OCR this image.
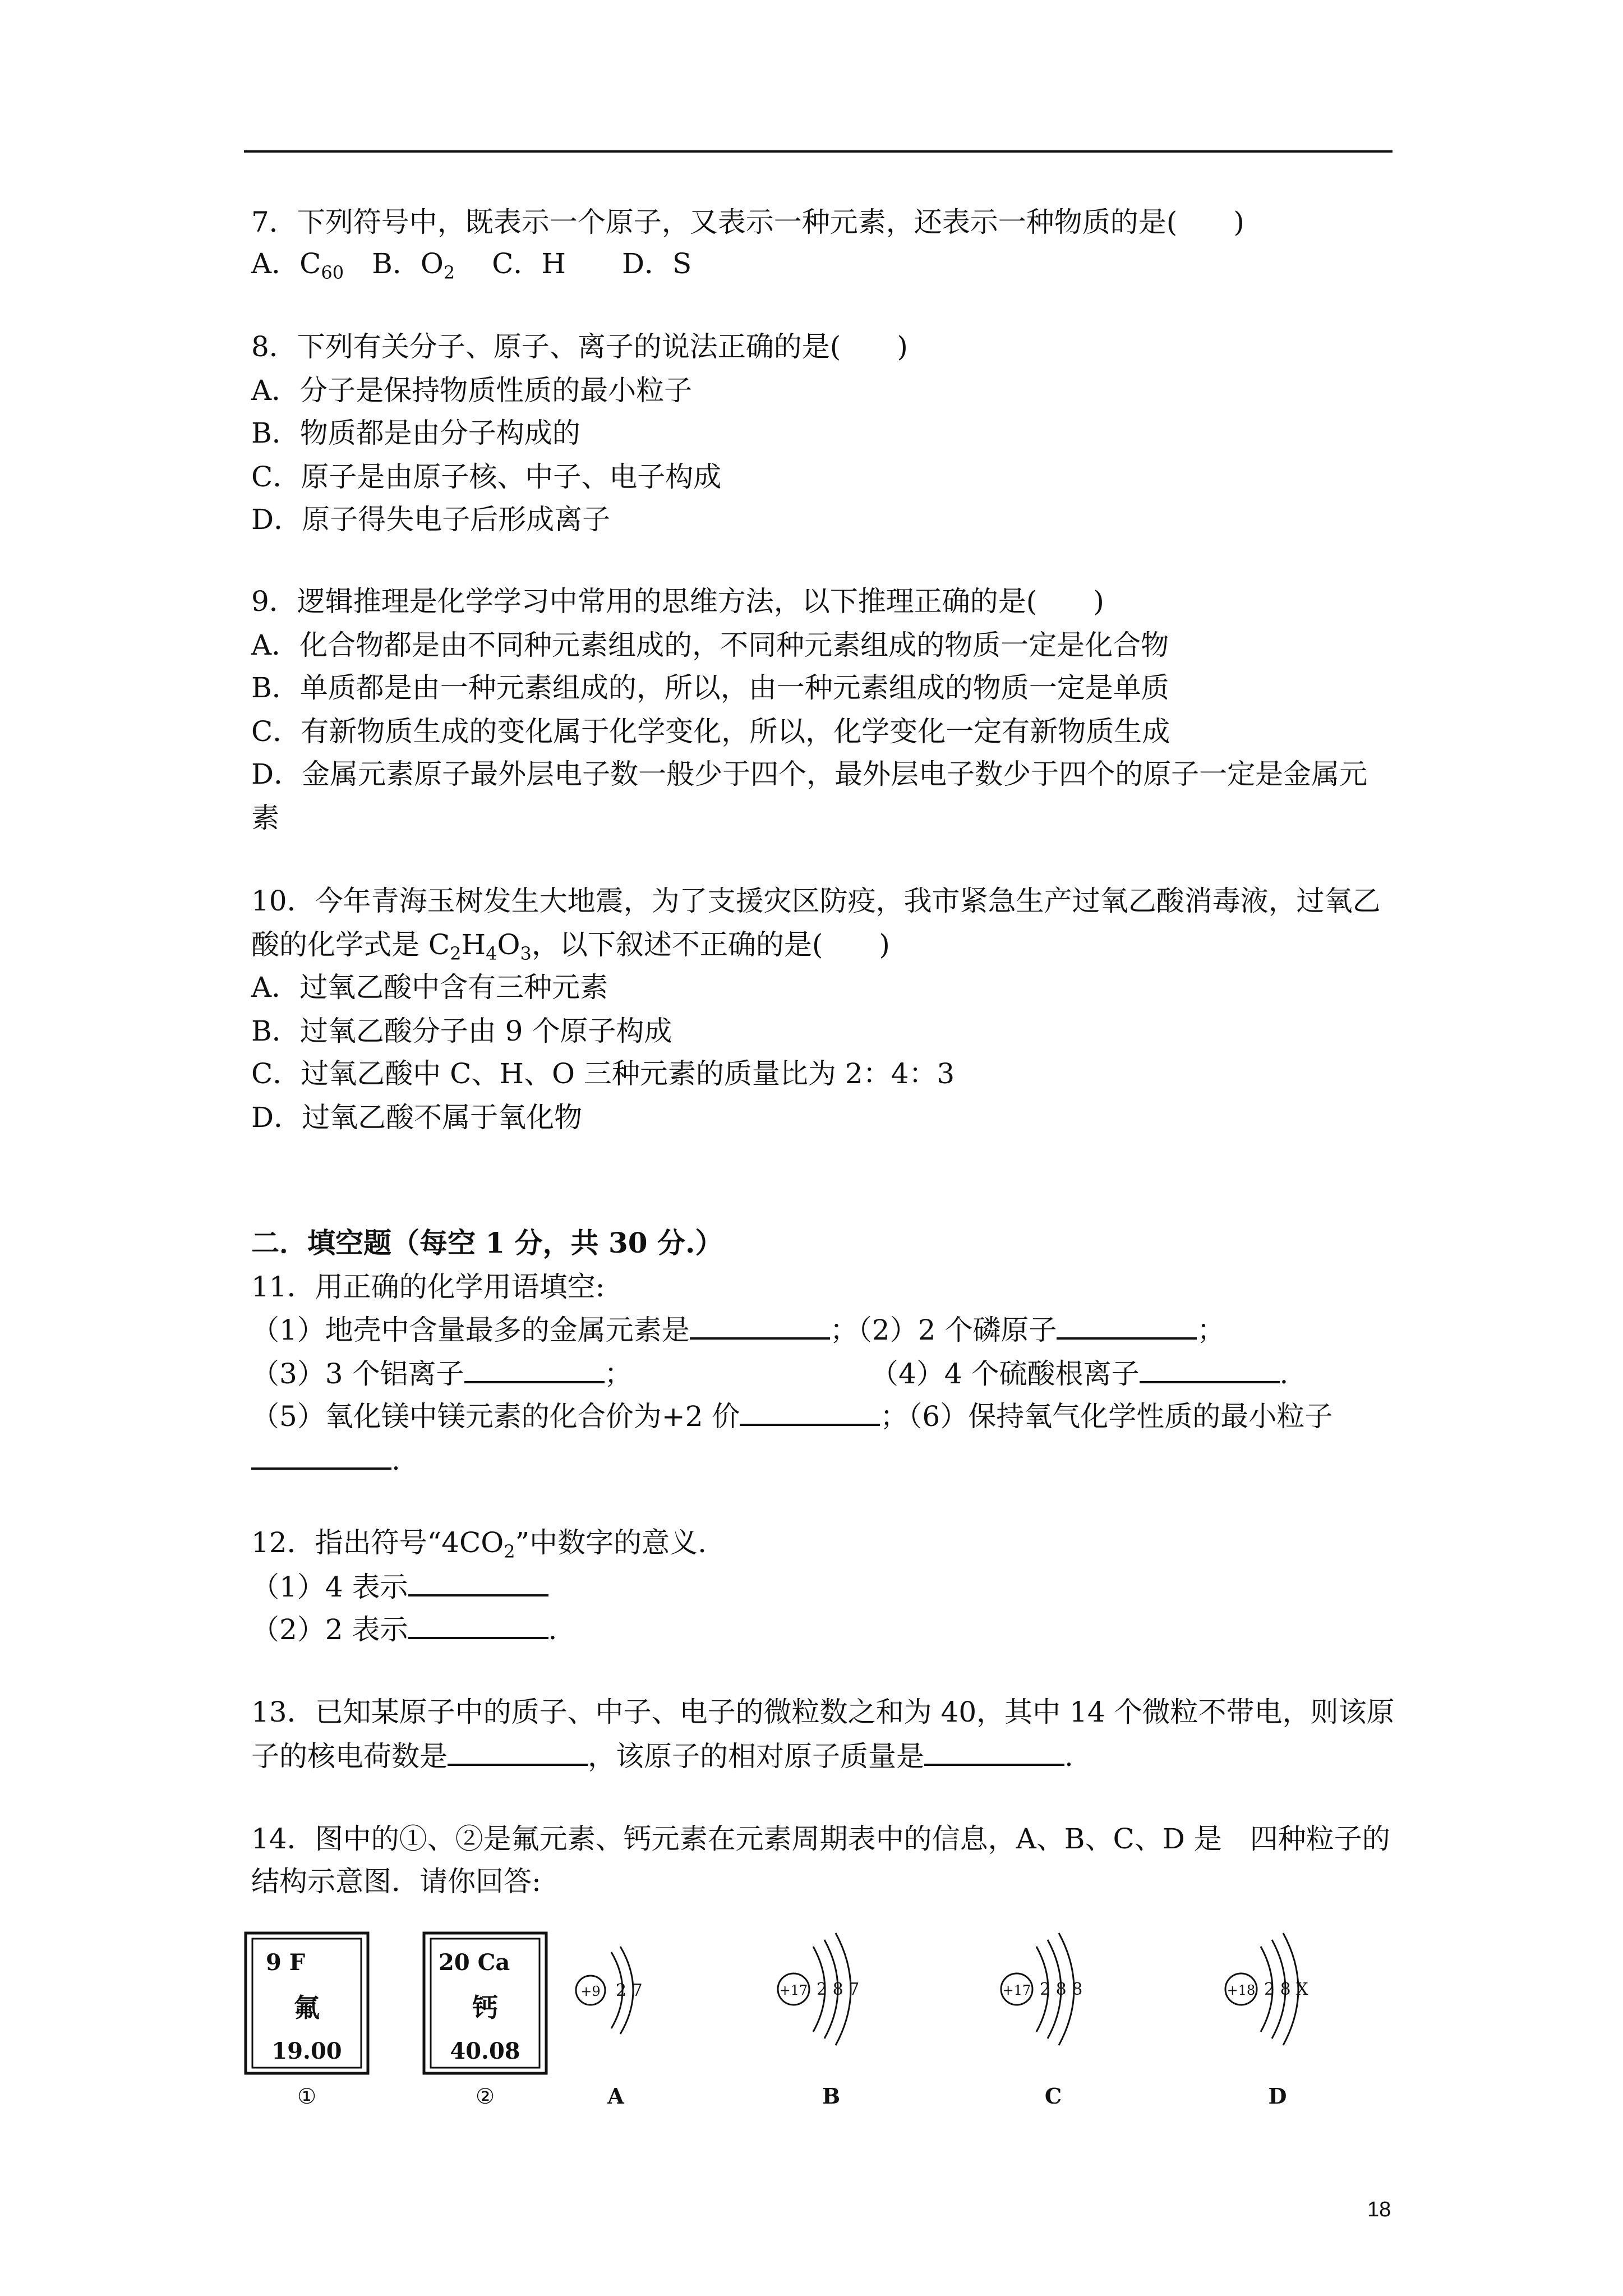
7．下列符号中，既表示一个原子，又表示一种元素，还表示一种物质的是(　　)
A．$C_{60}$　B．$O_2$　 C．H　　D．S
8．下列有关分子、原子、离子的说法正确的是(　　)
A．分子是保持物质性质的最小粒子
B．物质都是由分子构成的
C．原子是由原子核、中子、电子构成
D．原子得失电子后形成离子
9．逻辑推理是化学学习中常用的思维方法，以下推理正确的是(　　)
A．化合物都是由不同种元素组成的，不同种元素组成的物质一定是化合物
B．单质都是由一种元素组成的，所以，由一种元素组成的物质一定是单质
C．有新物质生成的变化属于化学变化，所以，化学变化一定有新物质生成
D．金属元素原子最外层电子数一般少于四个，最外层电子数少于四个的原子一定是金属元
素
10．今年青海玉树发生大地震，为了支援灾区防疫，我市紧急生产过氧乙酸消毒液，过氧乙
酸的化学式是 $C_2H_4O_3$，以下叙述不正确的是(　　)
A．过氧乙酸中含有三种元素
B．过氧乙酸分子由 9 个原子构成
C．过氧乙酸中 C、H、O 三种元素的质量比为 2：4：3
D．过氧乙酸不属于氧化物
二．填空题（每空 1 分，共 30 分.）
11．用正确的化学用语填空:
（1）地壳中含量最多的金属元素是	；（2）2 个磷原子	；
（3）3 个铝离子	；	（4）4 个硫酸根离子	.
（5）氧化镁中镁元素的化合价为+2 价	；（6）保持氧气化学性质的最小粒子
.
12．指出符号“$4CO_2$”中数字的意义.
（1）4 表示
（2）2 表示	.
13．已知某原子中的质子、中子、电子的微粒数之和为 40，其中 14 个微粒不带电，则该原
子的核电荷数是	，该原子的相对原子质量是	.
14．图中的①、②是氟元素、钙元素在元素周期表中的信息，A、B、C、D 是　四种粒子的
结构示意图．请你回答:
9 F
氟
19.00
①
20 Ca
钙
40.08
②
+9 2 7
A
+17 2 8 7
B
+17 2 8 8
C
+18 2 8 X
D
18
